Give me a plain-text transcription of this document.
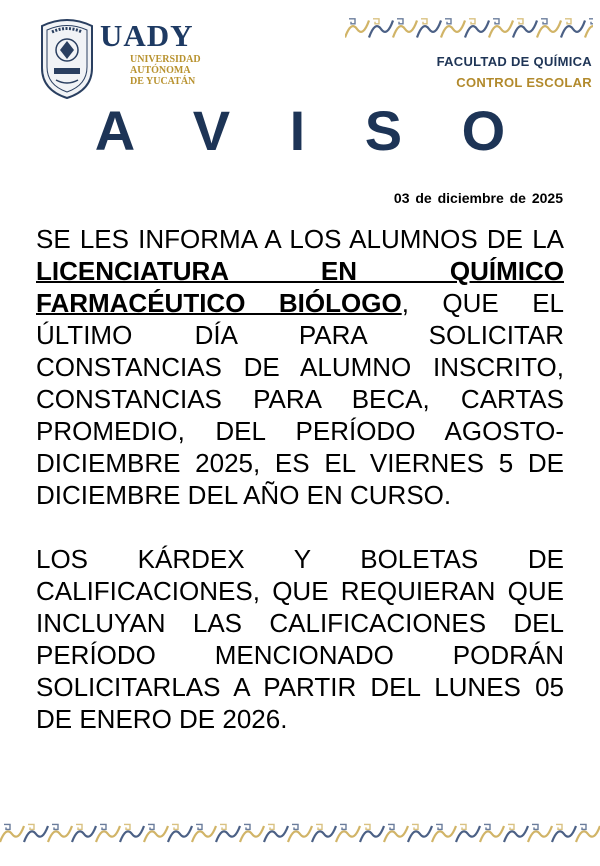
UADY
UNIVERSIDAD
AUTÓNOMA
DE YUCATÁN
FACULTAD DE QUÍMICA
CONTROL ESCOLAR
A V I S O
03 de diciembre de 2025

SE LES INFORMA A LOS ALUMNOS DE LA LICENCIATURA EN QUÍMICO FARMACÉUTICO BIÓLOGO, QUE EL ÚLTIMO DÍA PARA SOLICITAR CONSTANCIAS DE ALUMNO INSCRITO, CONSTANCIAS PARA BECA, CARTAS PROMEDIO, DEL PERÍODO AGOSTO-DICIEMBRE 2025, ES EL VIERNES 5 DE DICIEMBRE DEL AÑO EN CURSO.

LOS KÁRDEX Y BOLETAS DE CALIFICACIONES, QUE REQUIERAN QUE INCLUYAN LAS CALIFICACIONES DEL PERÍODO MENCIONADO PODRÁN SOLICITARLAS A PARTIR DEL LUNES 05 DE ENERO DE 2026.
